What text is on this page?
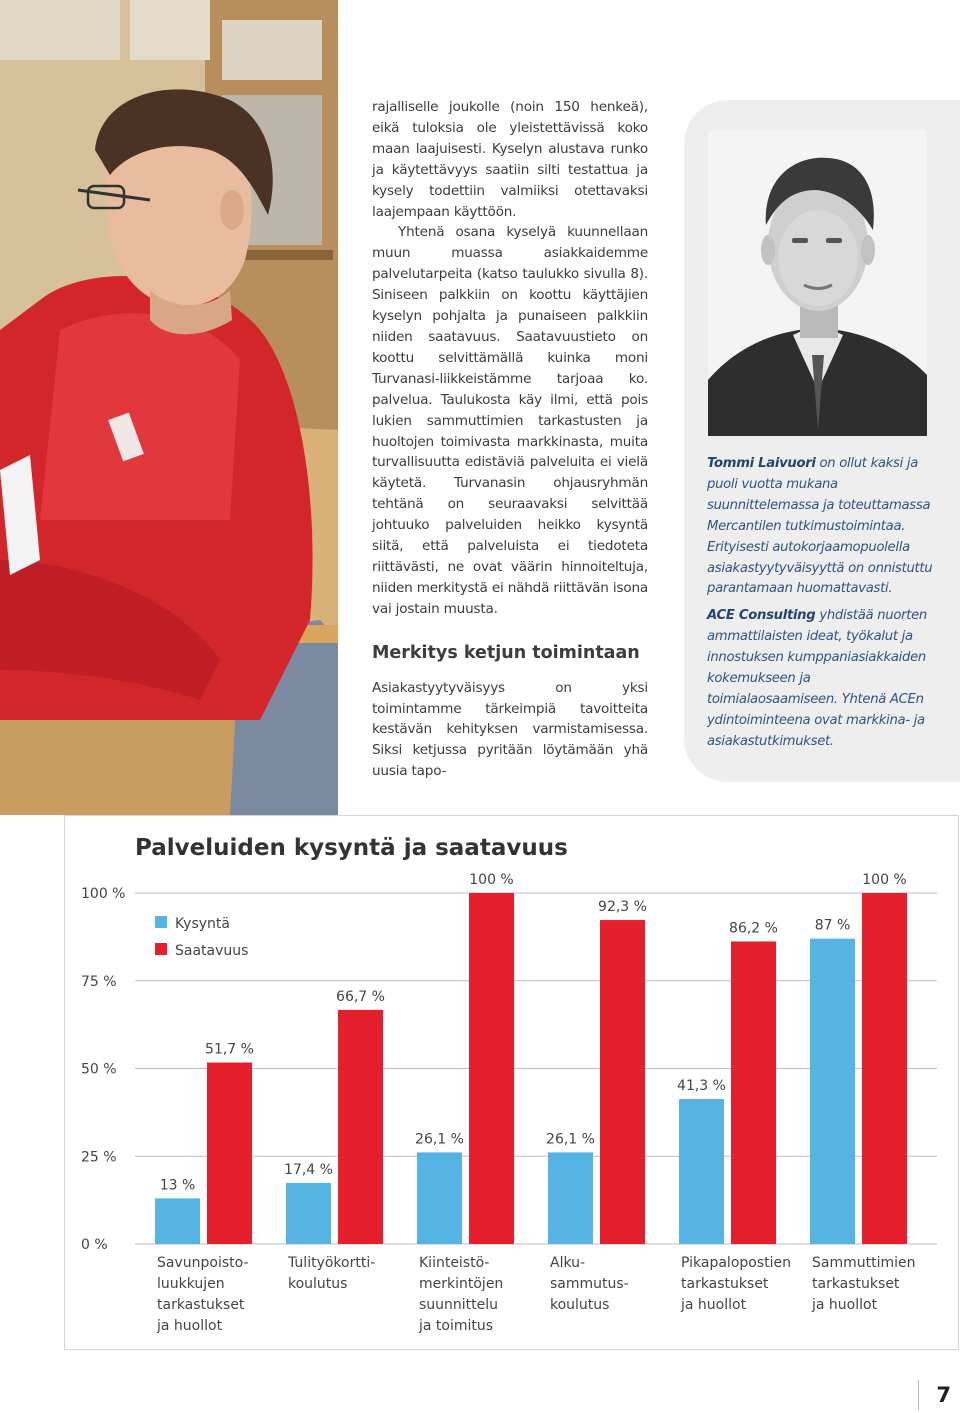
rajalliselle joukolle (noin 150 henkeä), eikä tuloksia ole yleistettävissä koko maan laajuisesti. Kyselyn alustava runko ja käytettävyys saatiin silti testattua ja kysely todettiin valmiiksi otettavaksi laajempaan käyttöön.

Yhtenä osana kyselyä kuunnellaan muun muassa asiakkaidemme palvelutarpeita (katso taulukko sivulla 8). Siniseen palkkiin on koottu käyttäjien kyselyn pohjalta ja punaiseen palkkiin niiden saatavuus. Saatavuustieto on koottu selvittämällä kuinka moni Turvanasi-liikkeistämme tarjoaa ko. palvelua. Taulukosta käy ilmi, että pois lukien sammuttimien tarkastusten ja huoltojen toimivasta markkinasta, muita turvallisuutta edistäviä palveluita ei vielä käytetä. Turvanasin ohjausryhmän tehtänä on seuraavaksi selvittää johtuuko palveluiden heikko kysyntä siitä, että palveluista ei tiedoteta riittävästi, ne ovat väärin hinnoiteltuja, niiden merkitystä ei nähdä riittävän isona vai jostain muusta.

Merkitys ketjun toimintaan

Asiakastyytyväisyys on yksi toimintamme tärkeimpiä tavoitteita kestävän kehityksen varmistamisessa. Siksi ketjussa pyritään löytämään yhä uusia tapo-

Tommi Laivuori on ollut kaksi ja puoli vuotta mukana suunnittelemassa ja toteuttamassa Mercantilen tutkimustoimintaa. Erityisesti autokorjaamopuolella asiakastyytyväisyyttä on onnistuttu parantamaan huomattavasti.

ACE Consulting yhdistää nuorten ammattilaisten ideat, työkalut ja innostuksen kumppaniasiakkaiden kokemukseen ja toimialaosaamiseen. Yhtenä ACEn ydintoiminteena ovat markkina- ja asiakastutkimukset.

Palveluiden kysyntä ja saatavuus
0 %
25 %
50 %
75 %
100 %
13 %
51,7 %
17,4 %
66,7 %
26,1 %
100 %
26,1 %
92,3 %
41,3 %
86,2 %	87 %
100 %
Savunpoisto-luukkujen tarkastukset ja huollot
Tulityökortti-koulutus
Kiinteistö-merkintöjen suunnittelu ja toimitus
Alku-sammutus-koulutus
Pikapalopostien tarkastukset ja huollot
Sammuttimien tarkastukset ja huollot
Kysyntä
Saatavuus
7
